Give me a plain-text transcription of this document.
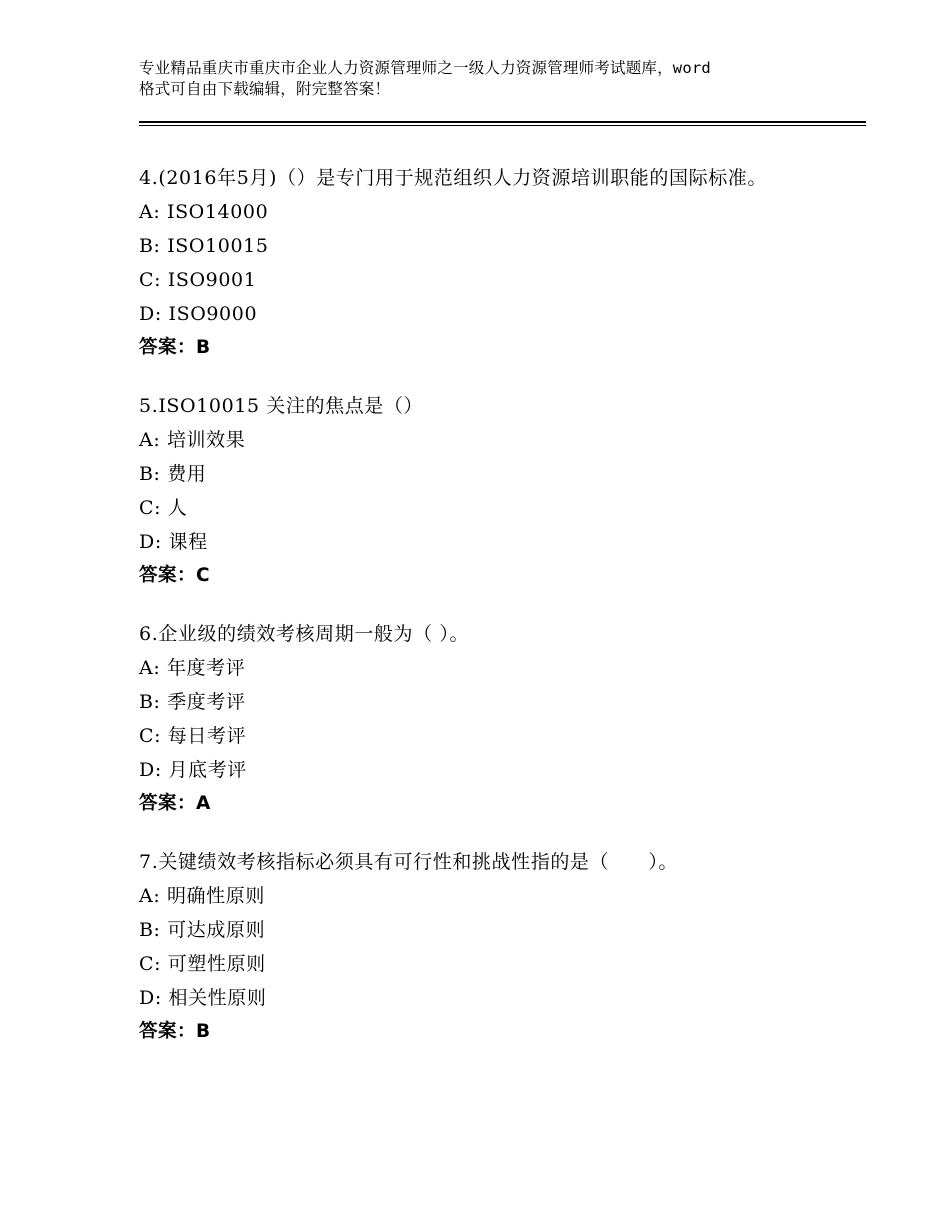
专业精品重庆市重庆市企业人力资源管理师之一级人力资源管理师考试题库，word
格式可自由下载编辑，附完整答案！
4.(2016年5月)（）是专门用于规范组织人力资源培训职能的国际标准。
A: ISO14000
B: ISO10015
C: ISO9001
D: ISO9000
答案：B
5.ISO10015 关注的焦点是（）
A: 培训效果
B: 费用
C: 人
D: 课程
答案：C
6.企业级的绩效考核周期一般为（ ）。
A: 年度考评
B: 季度考评
C: 每日考评
D: 月底考评
答案：A
7.关键绩效考核指标必须具有可行性和挑战性指的是（　　）。
A: 明确性原则
B: 可达成原则
C: 可塑性原则
D: 相关性原则
答案：B
